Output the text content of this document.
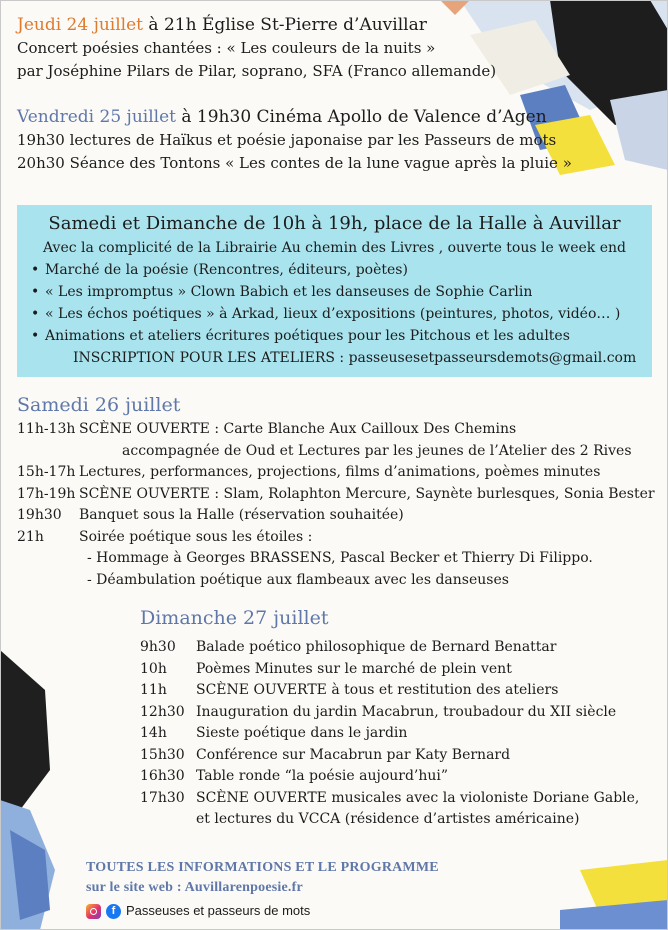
Jeudi 24 juillet à 21h Église St-Pierre d’Auvillar
Concert poésies chantées : « Les couleurs de la nuits »
par Joséphine Pilars de Pilar, soprano, SFA (Franco allemande)
Vendredi 25 juillet à 19h30 Cinéma Apollo de Valence d’Agen
19h30 lectures de Haïkus et poésie japonaise par les Passeurs de mots
20h30 Séance des Tontons « Les contes de la lune vague après la pluie »
Samedi et Dimanche de 10h à 19h, place de la Halle à Auvillar
Avec la complicité de la Librairie Au chemin des Livres , ouverte tous le week end
• Marché de la poésie (Rencontres, éditeurs, poètes)
• « Les impromptus » Clown Babich et les danseuses de Sophie Carlin
• « Les échos poétiques » à Arkad, lieux d’expositions (peintures, photos, vidéo… )
• Animations et ateliers écritures poétiques pour les Pitchous et les adultes
INSCRIPTION POUR LES ATELIERS : passeusesetpasseursdemots@gmail.com
Samedi 26 juillet
11h-13h SCÈNE OUVERTE : Carte Blanche Aux Cailloux Des Chemins
accompagnée de Oud et Lectures par les jeunes de l’Atelier des 2 Rives
15h-17h Lectures, performances, projections, films d’animations, poèmes minutes
17h-19h SCÈNE OUVERTE : Slam, Rolaphton Mercure, Saynète burlesques, Sonia Bester
19h30	Banquet sous la Halle (réservation souhaitée)
21h	Soirée poétique sous les étoiles :
- Hommage à Georges BRASSENS, Pascal Becker et Thierry Di Filippo.
- Déambulation poétique aux flambeaux avec les danseuses
Dimanche 27 juillet
9h30	Balade poético philosophique de Bernard Benattar
10h	Poèmes Minutes sur le marché de plein vent
11h	SCÈNE OUVERTE à tous et restitution des ateliers
12h30 Inauguration du jardin Macabrun, troubadour du XII siècle
14h	Sieste poétique dans le jardin
15h30 Conférence sur Macabrun par Katy Bernard
16h30 Table ronde “la poésie aujourd’hui”
17h30 SCÈNE OUVERTE musicales avec la violoniste Doriane Gable,
et lectures du VCCA (résidence d’artistes américaine)
TOUTES LES INFORMATIONS ET LE PROGRAMME
sur le site web : Auvillarenpoesie.fr
f Passeuses et passeurs de mots
